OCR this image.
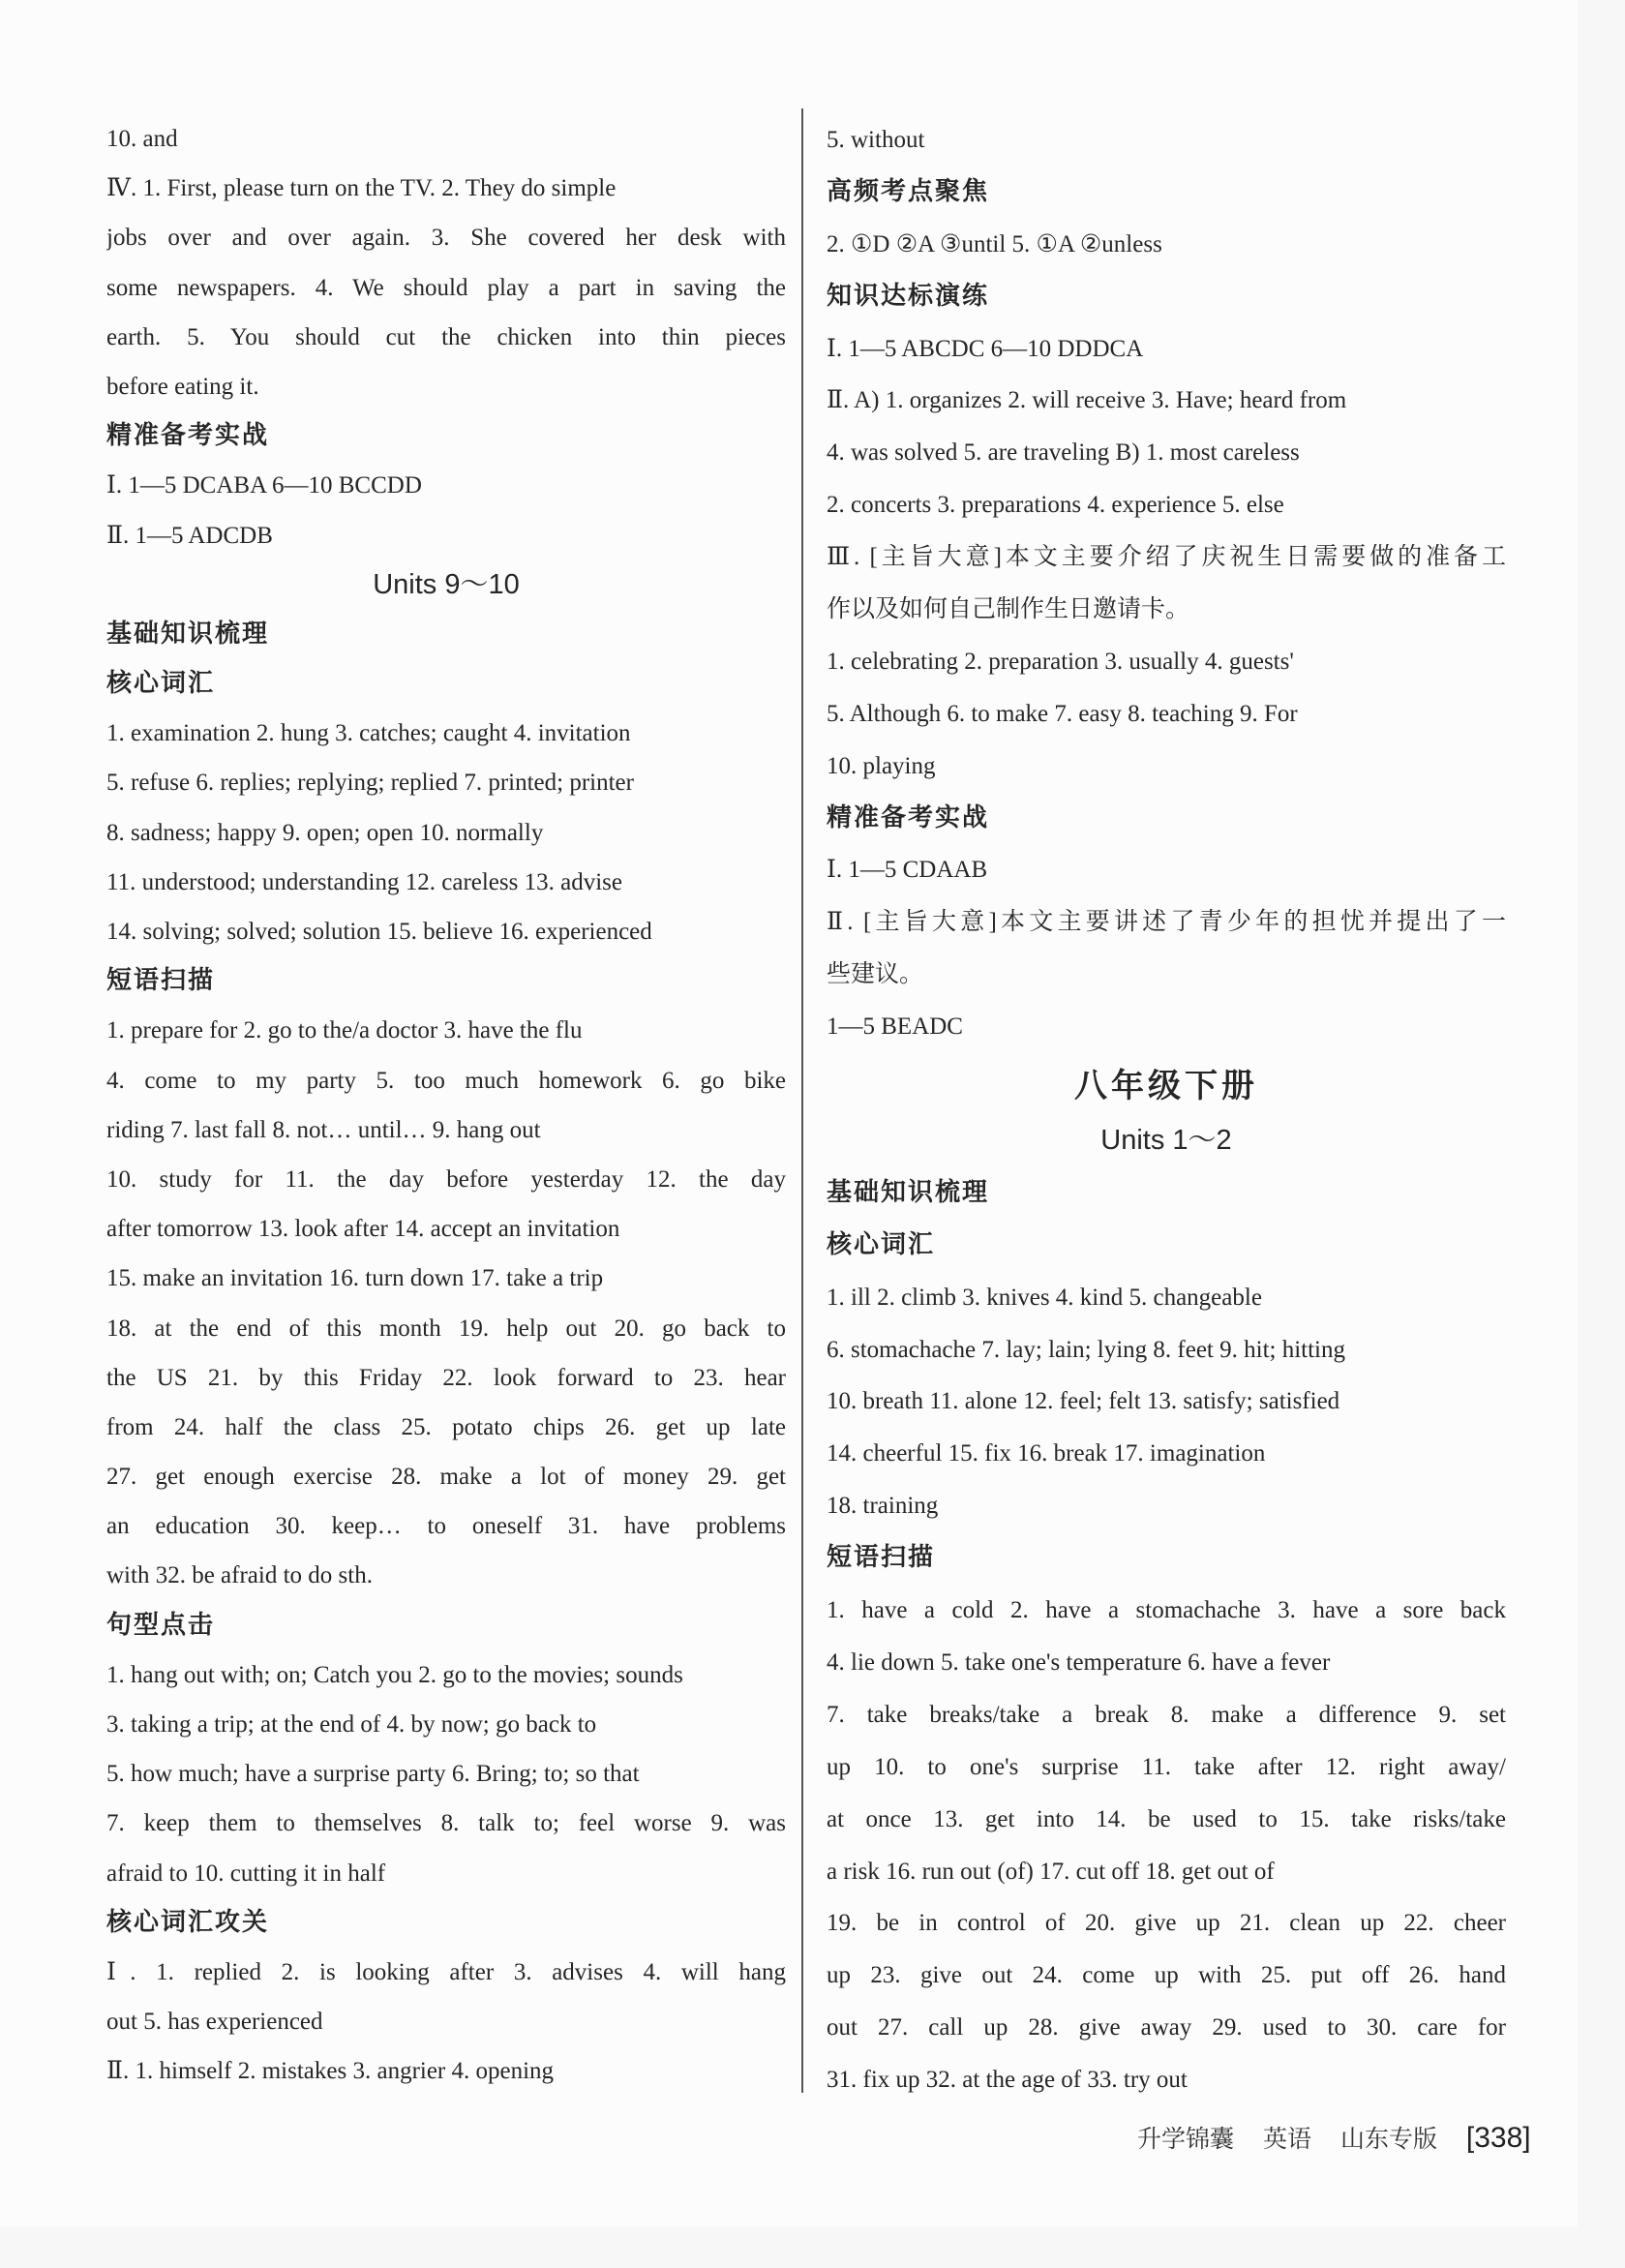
10. and
Ⅳ. 1. First, please turn on the TV. 2. They do simple
jobs over and over again. 3. She covered her desk with
some newspapers. 4. We should play a part in saving the
earth. 5. You should cut the chicken into thin pieces
before eating it.
精准备考实战
Ⅰ. 1—5 DCABA 6—10 BCCDD
Ⅱ. 1—5 ADCDB
Units 9～10
基础知识梳理
核心词汇
1. examination 2. hung 3. catches; caught 4. invitation
5. refuse 6. replies; replying; replied 7. printed; printer
8. sadness; happy 9. open; open 10. normally
11. understood; understanding 12. careless 13. advise
14. solving; solved; solution 15. believe 16. experienced
短语扫描
1. prepare for 2. go to the/a doctor 3. have the flu
4. come to my party 5. too much homework 6. go bike
riding 7. last fall 8. not… until… 9. hang out
10. study for 11. the day before yesterday 12. the day
after tomorrow 13. look after 14. accept an invitation
15. make an invitation 16. turn down 17. take a trip
18. at the end of this month 19. help out 20. go back to
the US 21. by this Friday 22. look forward to 23. hear
from 24. half the class 25. potato chips 26. get up late
27. get enough exercise 28. make a lot of money 29. get
an education 30. keep… to oneself 31. have problems
with 32. be afraid to do sth.
句型点击
1. hang out with; on; Catch you 2. go to the movies; sounds
3. taking a trip; at the end of 4. by now; go back to
5. how much; have a surprise party 6. Bring; to; so that
7. keep them to themselves 8. talk to; feel worse 9. was
afraid to 10. cutting it in half
核心词汇攻关
Ⅰ. 1. replied 2. is looking after 3. advises 4. will hang
out 5. has experienced
Ⅱ. 1. himself 2. mistakes 3. angrier 4. opening
5. without
高频考点聚焦
2. ①D ②A ③until 5. ①A ②unless
知识达标演练
Ⅰ. 1—5 ABCDC 6—10 DDDCA
Ⅱ. A) 1. organizes 2. will receive 3. Have; heard from
4. was solved 5. are traveling B) 1. most careless
2. concerts 3. preparations 4. experience 5. else
Ⅲ. [主旨大意]本文主要介绍了庆祝生日需要做的准备工
作以及如何自己制作生日邀请卡。
1. celebrating 2. preparation 3. usually 4. guests'
5. Although 6. to make 7. easy 8. teaching 9. For
10. playing
精准备考实战
Ⅰ. 1—5 CDAAB
Ⅱ. [主旨大意]本文主要讲述了青少年的担忧并提出了一
些建议。
1—5 BEADC
八年级下册
Units 1～2
基础知识梳理
核心词汇
1. ill 2. climb 3. knives 4. kind 5. changeable
6. stomachache 7. lay; lain; lying 8. feet 9. hit; hitting
10. breath 11. alone 12. feel; felt 13. satisfy; satisfied
14. cheerful 15. fix 16. break 17. imagination
18. training
短语扫描
1. have a cold 2. have a stomachache 3. have a sore back
4. lie down 5. take one's temperature 6. have a fever
7. take breaks/take a break 8. make a difference 9. set
up 10. to one's surprise 11. take after 12. right away/
at once 13. get into 14. be used to 15. take risks/take
a risk 16. run out (of) 17. cut off 18. get out of
19. be in control of 20. give up 21. clean up 22. cheer
up 23. give out 24. come up with 25. put off 26. hand
out 27. call up 28. give away 29. used to 30. care for
31. fix up 32. at the age of 33. try out
升学锦囊 英语 山东专版 [338]
